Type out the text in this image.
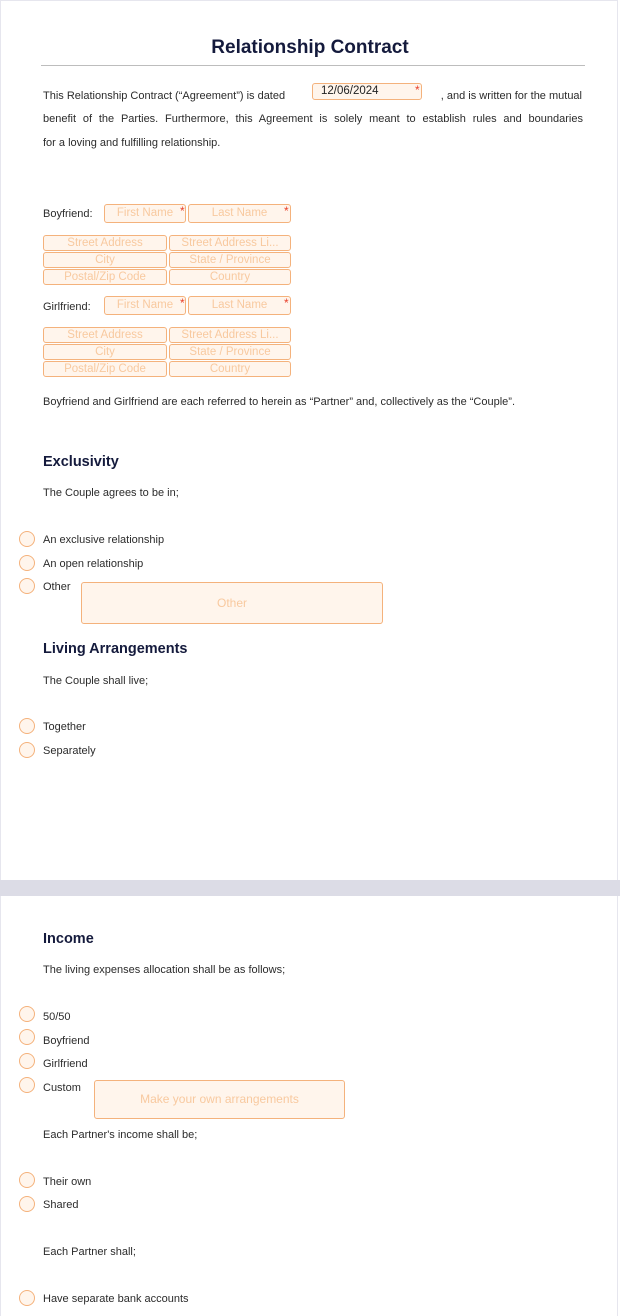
Relationship Contract
This Relationship Contract (“Agreement”) is dated	12/06/2024	*	, and is written for the mutual
benefit of the Parties. Furthermore, this Agreement is solely meant to establish rules and boundaries
for a loving and fulfilling relationship.
Boyfriend:	First Name *	Last Name	*
Street Address	Street Address Li...
City	State / Province
Postal/Zip Code	Country
Girlfriend:	First Name *	Last Name	*
Street Address	Street Address Li...
City	State / Province
Postal/Zip Code	Country
Boyfriend and Girlfriend are each referred to herein as “Partner” and, collectively as the “Couple”.
Exclusivity
The Couple agrees to be in;
An exclusive relationship
An open relationship
Other
Other
Living Arrangements
The Couple shall live;
Together
Separately
Income
The living expenses allocation shall be as follows;
50/50
Boyfriend
Girlfriend
Custom
Make your own arrangements
Each Partner's income shall be;
Their own
Shared
Each Partner shall;
Have separate bank accounts
